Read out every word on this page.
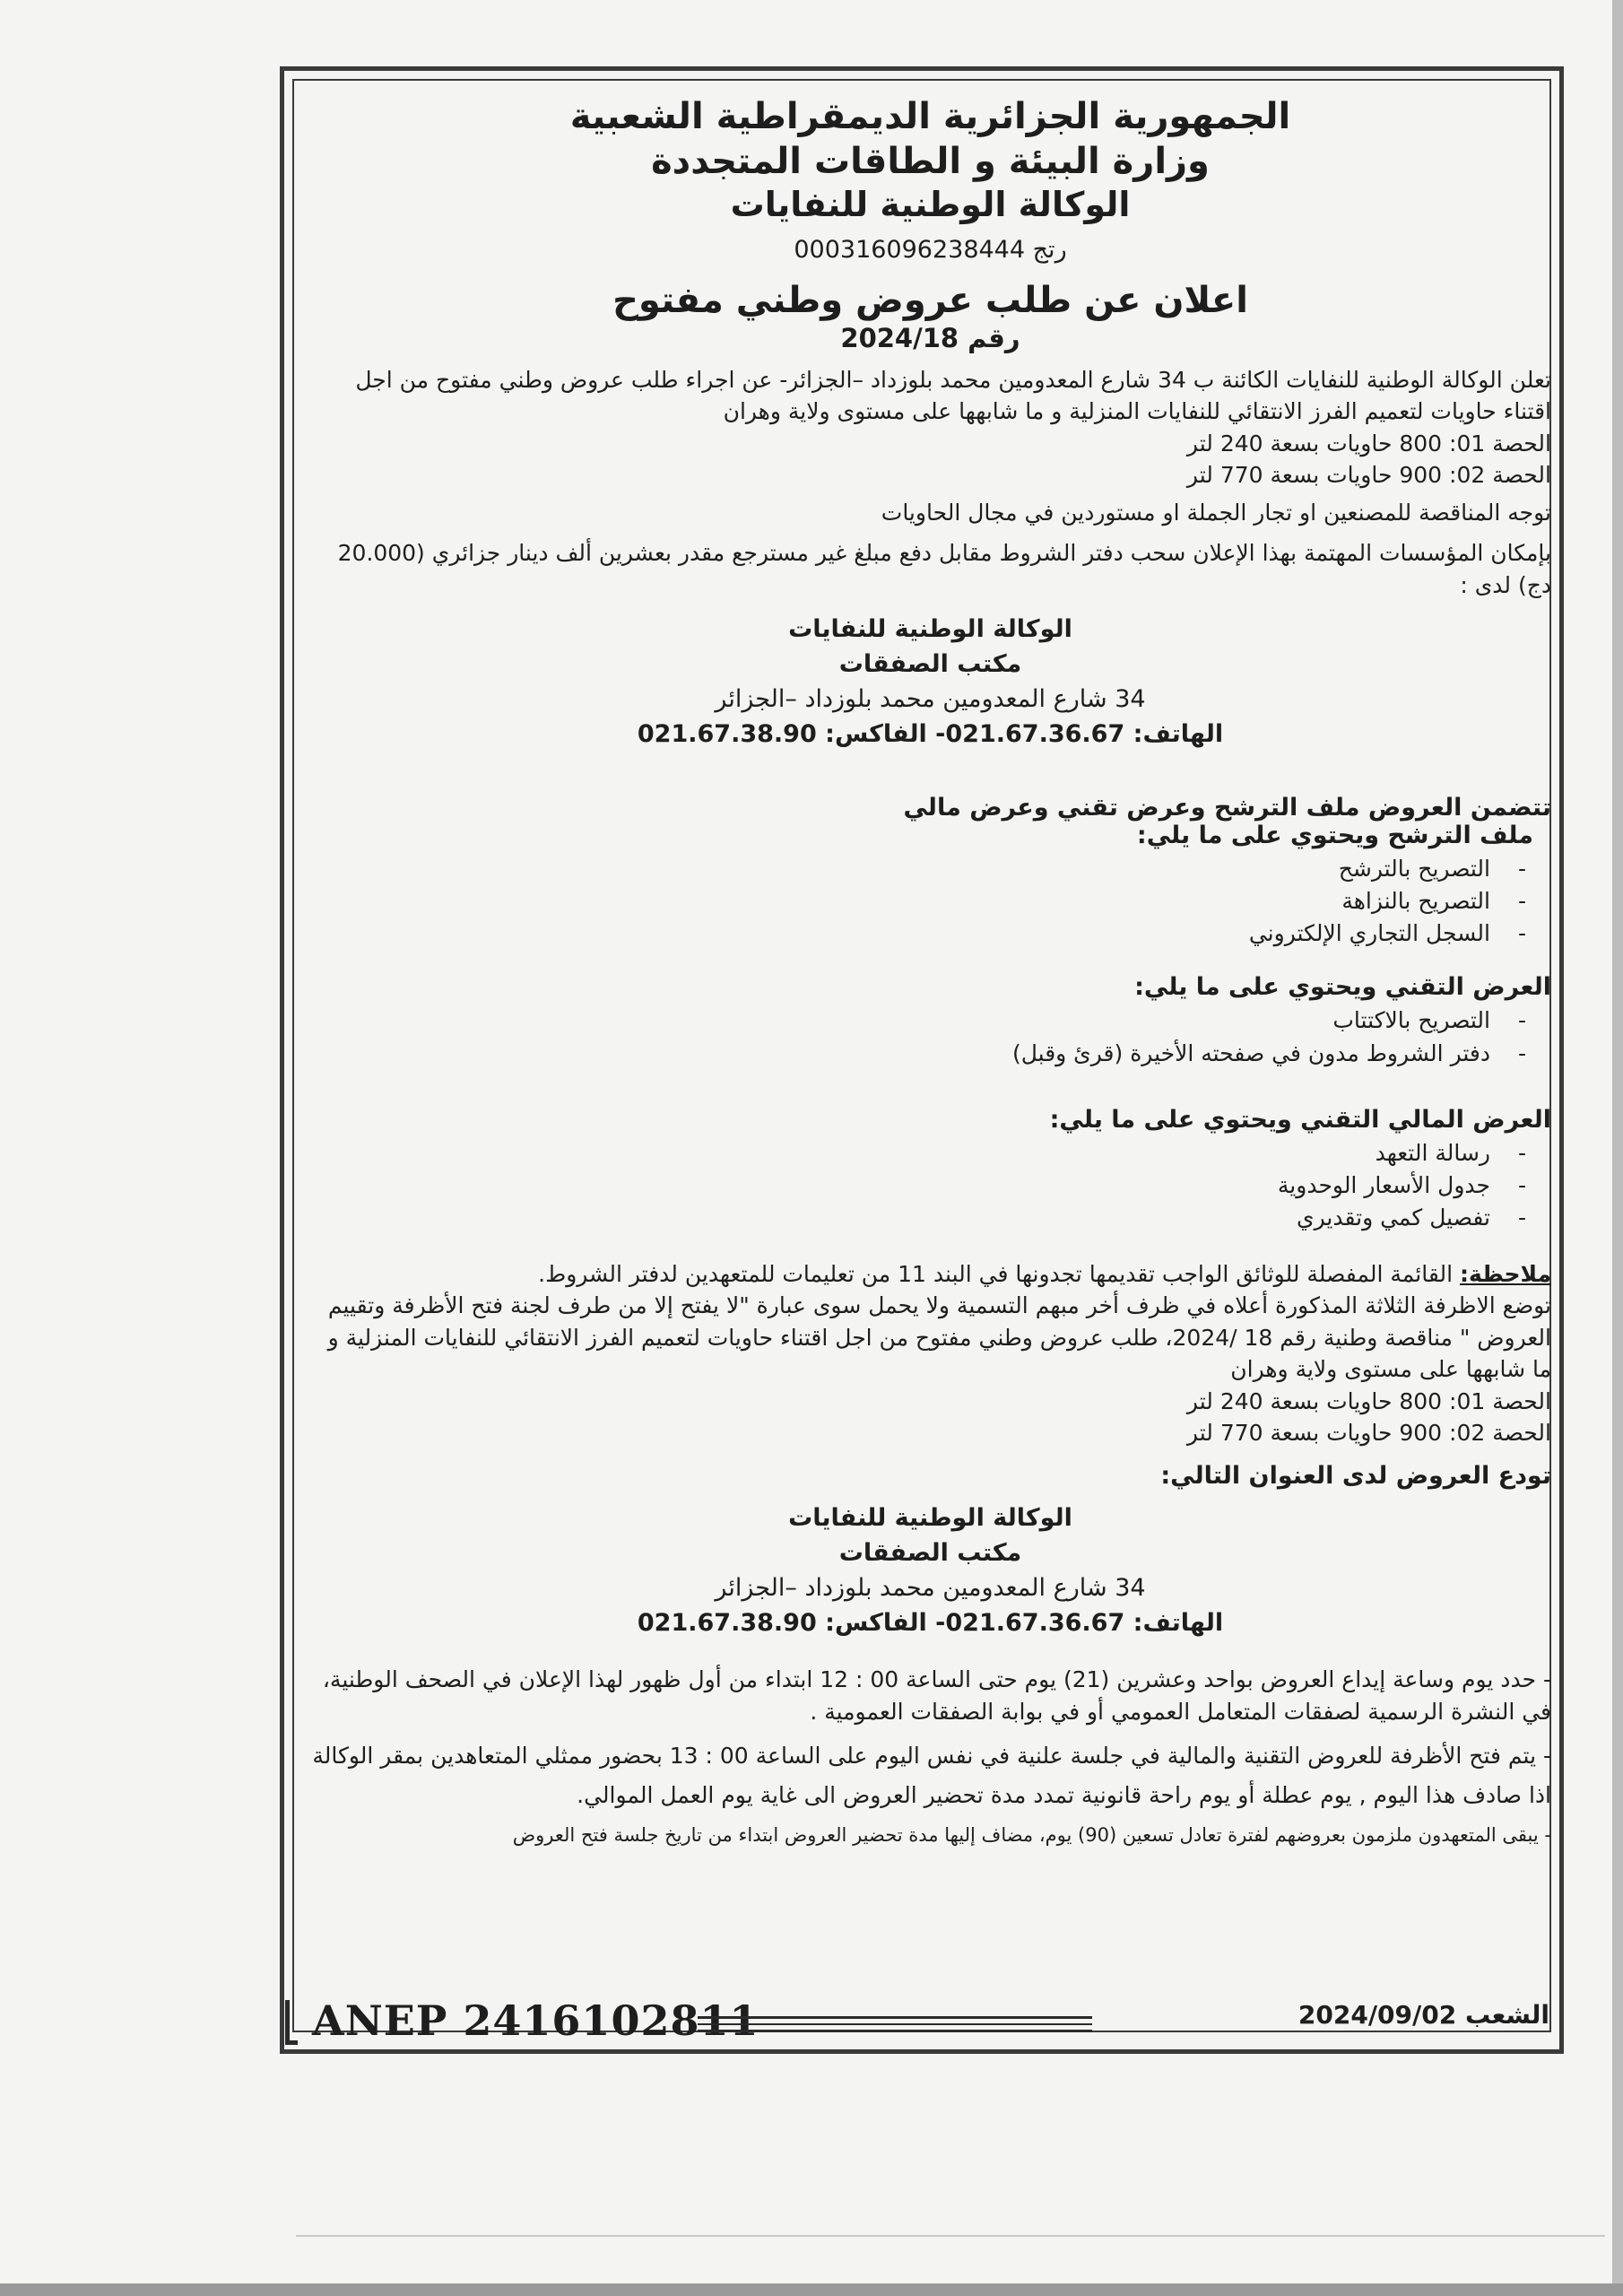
الجمهورية الجزائرية الديمقراطية الشعبية

وزارة البيئة و الطاقات المتجددة

الوكالة الوطنية للنفايات

رتج 000316096238444

اعلان عن طلب عروض وطني مفتوح

رقم 2024/18

تعلن الوكالة الوطنية للنفايات الكائنة ب 34 شارع المعدومين محمد بلوزداد –الجزائر- عن اجراء طلب عروض وطني مفتوح من اجل اقتناء حاويات لتعميم الفرز الانتقائي للنفايات المنزلية و ما شابهها على مستوى ولاية وهران

الحصة 01: 800 حاويات بسعة 240 لتر

الحصة 02: 900 حاويات بسعة 770 لتر

توجه المناقصة للمصنعين او تجار الجملة او مستوردين في مجال الحاويات

بإمكان المؤسسات المهتمة بهذا الإعلان سحب دفتر الشروط مقابل دفع مبلغ غير مسترجع مقدر بعشرين ألف دينار جزائري (20.000 دج) لدى :

الوكالة الوطنية للنفايات

مكتب الصفقات

34 شارع المعدومين محمد بلوزداد –الجزائر

الهاتف: 021.67.36.67- الفاكس: 021.67.38.90

تتضمن العروض ملف الترشح وعرض تقني وعرض مالي

ملف الترشح ويحتوي على ما يلي:

- التصريح بالترشح
- التصريح بالنزاهة
- السجل التجاري الإلكتروني

العرض التقني ويحتوي على ما يلي:

- التصريح بالاكتتاب
- دفتر الشروط مدون في صفحته الأخيرة (قرئ وقبل)

العرض المالي التقني ويحتوي على ما يلي:

- رسالة التعهد
- جدول الأسعار الوحدوية
- تفصيل كمي وتقديري

ملاحظة: القائمة المفصلة للوثائق الواجب تقديمها تجدونها في البند 11 من تعليمات للمتعهدين لدفتر الشروط.

توضع الاظرفة الثلاثة المذكورة أعلاه في ظرف أخر مبهم التسمية ولا يحمل سوى عبارة "لا يفتح إلا من طرف لجنة فتح الأظرفة وتقييم العروض " مناقصة وطنية رقم 18 /2024، طلب عروض وطني مفتوح من اجل اقتناء حاويات لتعميم الفرز الانتقائي للنفايات المنزلية و ما شابهها على مستوى ولاية وهران

الحصة 01: 800 حاويات بسعة 240 لتر

الحصة 02: 900 حاويات بسعة 770 لتر

تودع العروض لدى العنوان التالي:

الوكالة الوطنية للنفايات

مكتب الصفقات

34 شارع المعدومين محمد بلوزداد –الجزائر

الهاتف: 021.67.36.67- الفاكس: 021.67.38.90

- حدد يوم وساعة إيداع العروض بواحد وعشرين (21) يوم حتى الساعة 00 : 12 ابتداء من أول ظهور لهذا الإعلان في الصحف الوطنية، في النشرة الرسمية لصفقات المتعامل العمومي أو في بوابة الصفقات العمومية .

- يتم فتح الأظرفة للعروض التقنية والمالية في جلسة علنية في نفس اليوم على الساعة 00 : 13 بحضور ممثلي المتعاهدين بمقر الوكالة

اذا صادف هذا اليوم , يوم عطلة أو يوم راحة قانونية تمدد مدة تحضير العروض الى غاية يوم العمل الموالي.

- يبقى المتعهدون ملزمون بعروضهم لفترة تعادل تسعين (90) يوم، مضاف إليها مدة تحضير العروض ابتداء من تاريخ جلسة فتح العروض

ANEP 2416102811	الشعب 2024/09/02
